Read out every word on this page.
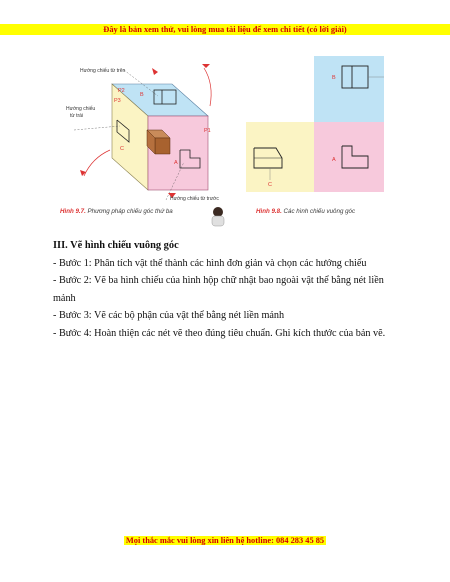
Đây là bản xem thử, vui lòng mua tài liệu để xem chi tiết (có lời giải)
Hướng chiếu từ trên
Hướng chiếu
từ trái
Hướng chiếu từ trước
P2
P3
P1
B
A
C
B
A
C
Hình 9.7. Phương pháp chiếu góc thứ ba	Hình 9.8. Các hình chiếu vuông góc
III. Vẽ hình chiếu vuông góc

- Bước 1: Phân tích vật thể thành các hình đơn giản và chọn các hướng chiếu

- Bước 2: Vẽ ba hình chiếu của hình hộp chữ nhật bao ngoài vật thể bằng nét liền mảnh

- Bước 3: Vẽ các bộ phận của vật thể bằng nét liền mảnh

- Bước 4: Hoàn thiện các nét vẽ theo đúng tiêu chuẩn. Ghi kích thước của bản vẽ.

Mọi thắc mắc vui lòng xin liên hệ hotline: 084 283 45 85
